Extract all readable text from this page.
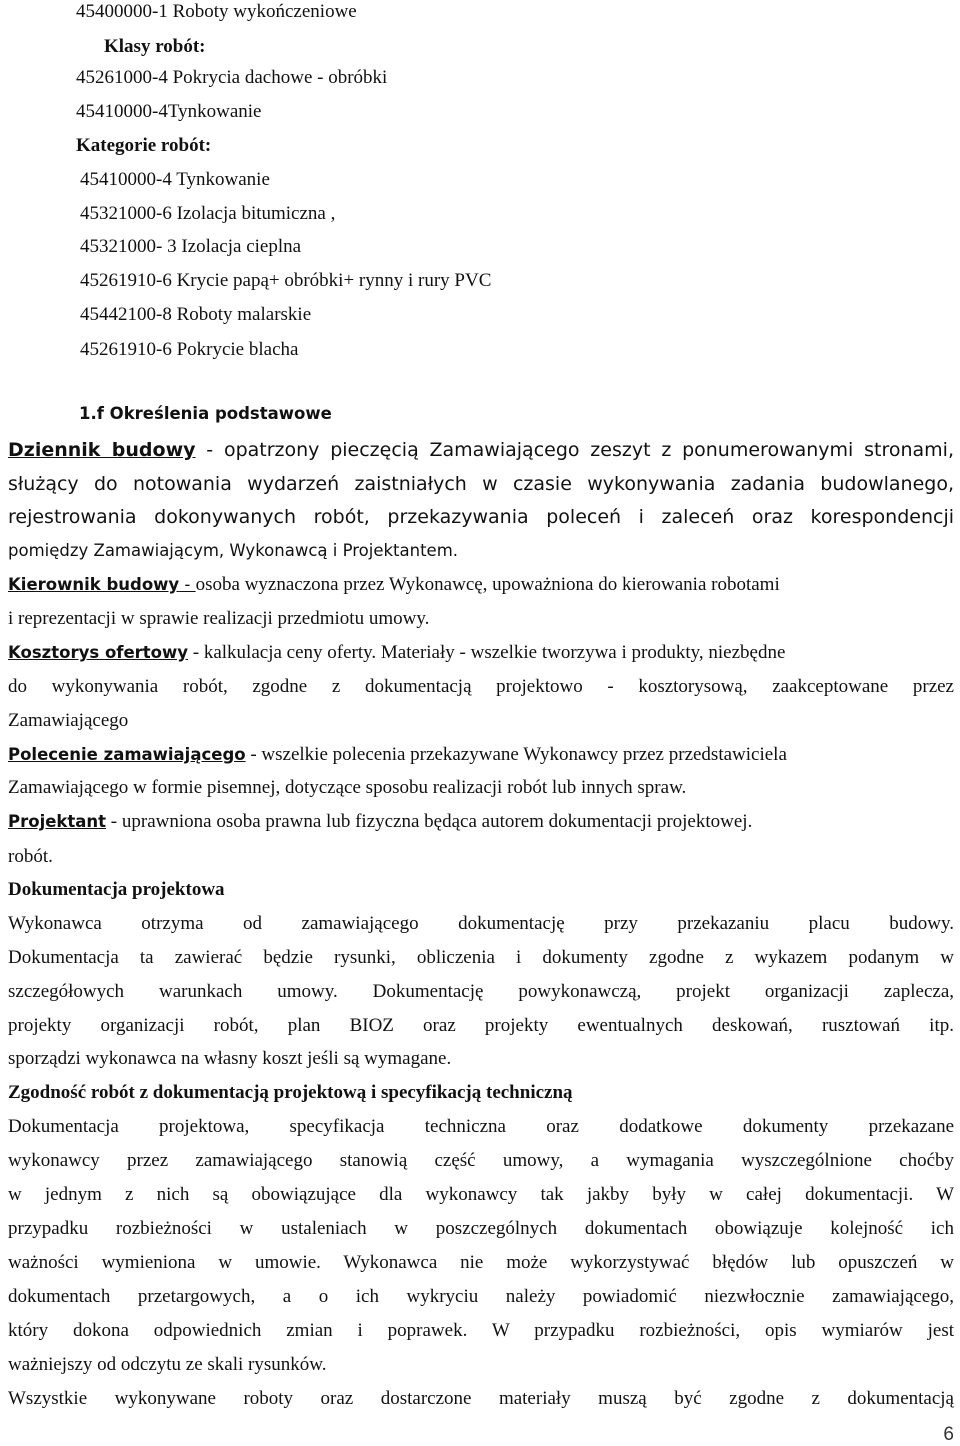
45400000-1 Roboty wykończeniowe
Klasy robót:
45261000-4 Pokrycia dachowe - obróbki
45410000-4Tynkowanie
Kategorie robót:
45410000-4 Tynkowanie
45321000-6 Izolacja bitumiczna ,
45321000- 3 Izolacja cieplna
45261910-6 Krycie papą+ obróbki+ rynny i rury PVC
45442100-8 Roboty malarskie
45261910-6 Pokrycie blacha
1.f Określenia podstawowe
Dziennik budowy - opatrzony pieczęcią Zamawiającego zeszyt z ponumerowanymi stronami,
służący do notowania wydarzeń zaistniałych w czasie wykonywania zadania budowlanego,
rejestrowania dokonywanych robót, przekazywania poleceń i zaleceń oraz korespondencji
pomiędzy Zamawiającym, Wykonawcą i Projektantem.
Kierownik budowy - osoba wyznaczona przez Wykonawcę, upoważniona do kierowania robotami
i reprezentacji w sprawie realizacji przedmiotu umowy.
Kosztorys ofertowy - kalkulacja ceny oferty. Materiały - wszelkie tworzywa i produkty, niezbędne
do wykonywania robót, zgodne z dokumentacją projektowo - kosztorysową, zaakceptowane przez
Zamawiającego
Polecenie zamawiającego - wszelkie polecenia przekazywane Wykonawcy przez przedstawiciela
Zamawiającego w formie pisemnej, dotyczące sposobu realizacji robót lub innych spraw.
Projektant - uprawniona osoba prawna lub fizyczna będąca autorem dokumentacji projektowej.
robót.
Dokumentacja projektowa
Wykonawca otrzyma od zamawiającego dokumentację przy przekazaniu placu budowy.
Dokumentacja ta zawierać będzie rysunki, obliczenia i dokumenty zgodne z wykazem podanym w
szczegółowych warunkach umowy. Dokumentację powykonawczą, projekt organizacji zaplecza,
projekty organizacji robót, plan BIOZ oraz projekty ewentualnych deskowań, rusztowań itp.
sporządzi wykonawca na własny koszt jeśli są wymagane.
Zgodność robót z dokumentacją projektową i specyfikacją techniczną
Dokumentacja projektowa, specyfikacja techniczna oraz dodatkowe dokumenty przekazane
wykonawcy przez zamawiającego stanowią część umowy, a wymagania wyszczególnione choćby
w jednym z nich są obowiązujące dla wykonawcy tak jakby były w całej dokumentacji. W
przypadku rozbieżności w ustaleniach w poszczególnych dokumentach obowiązuje kolejność ich
ważności wymieniona w umowie. Wykonawca nie może wykorzystywać błędów lub opuszczeń w
dokumentach przetargowych, a o ich wykryciu należy powiadomić niezwłocznie zamawiającego,
który dokona odpowiednich zmian i poprawek. W przypadku rozbieżności, opis wymiarów jest
ważniejszy od odczytu ze skali rysunków.
Wszystkie wykonywane roboty oraz dostarczone materiały muszą być zgodne z dokumentacją
6
